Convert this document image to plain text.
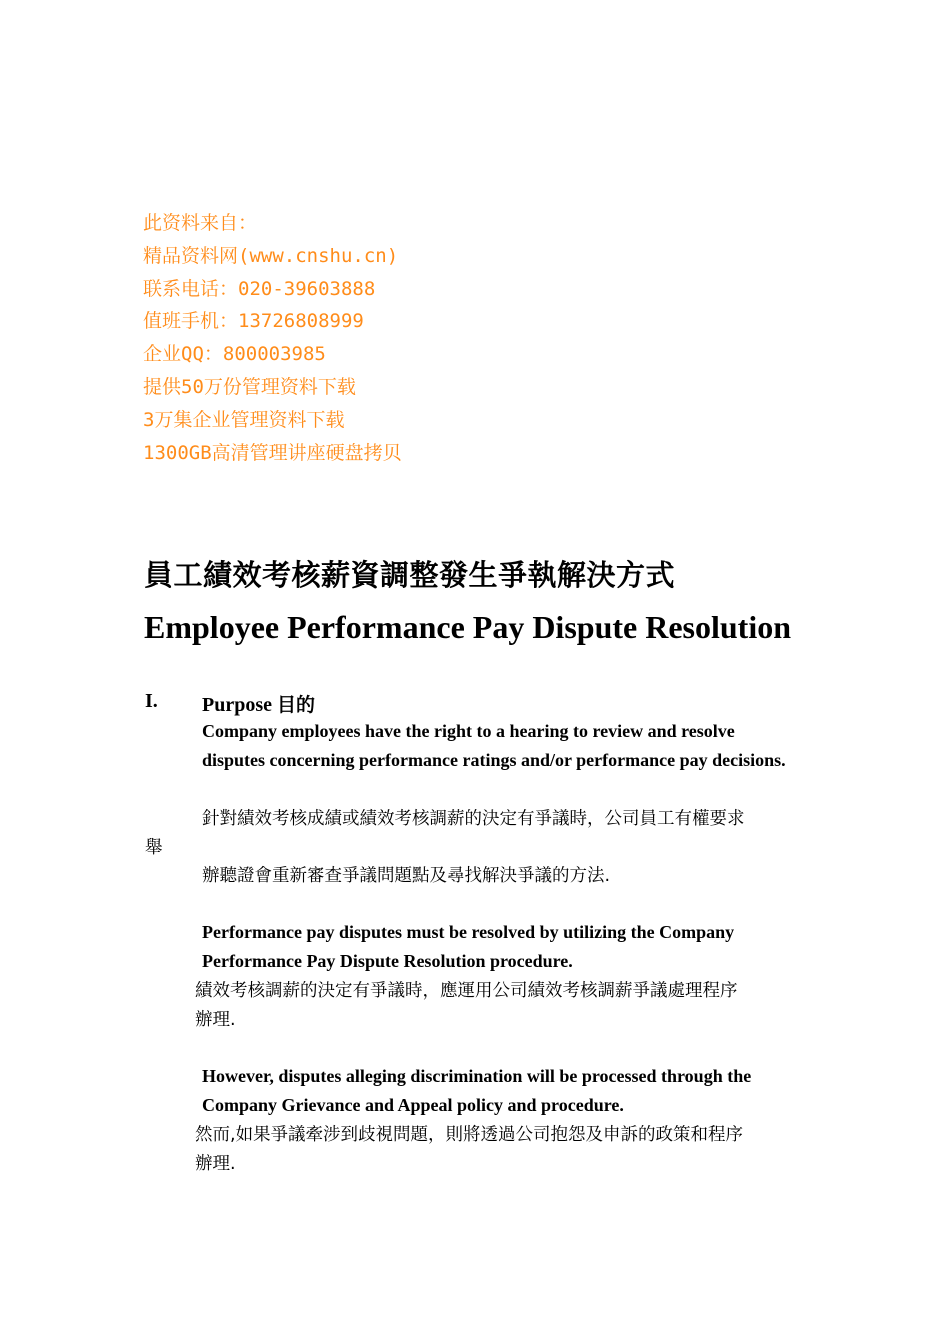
此资料来自：
精品资料网(www.cnshu.cn)
联系电话：020-39603888
值班手机：13726808999
企业QQ：800003985
提供50万份管理资料下载
3万集企业管理资料下载
1300GB高清管理讲座硬盘拷贝
員工績效考核薪資調整發生爭執解決方式
Employee Performance Pay Dispute Resolution
I. Purpose 目的
Company employees have the right to a hearing to review and resolve disputes concerning performance ratings and/or performance pay decisions.
針對績效考核成績或績效考核調薪的決定有爭議時，公司員工有權要求
舉
辦聽證會重新審查爭議問題點及尋找解決爭議的方法.
Performance pay disputes must be resolved by utilizing the Company Performance Pay Dispute Resolution procedure.
績效考核調薪的決定有爭議時，應運用公司績效考核調薪爭議處理程序
辦理.
However, disputes alleging discrimination will be processed through the Company Grievance and Appeal policy and procedure.
然而,如果爭議牽涉到歧視問題，則將透過公司抱怨及申訴的政策和程序
辦理.
